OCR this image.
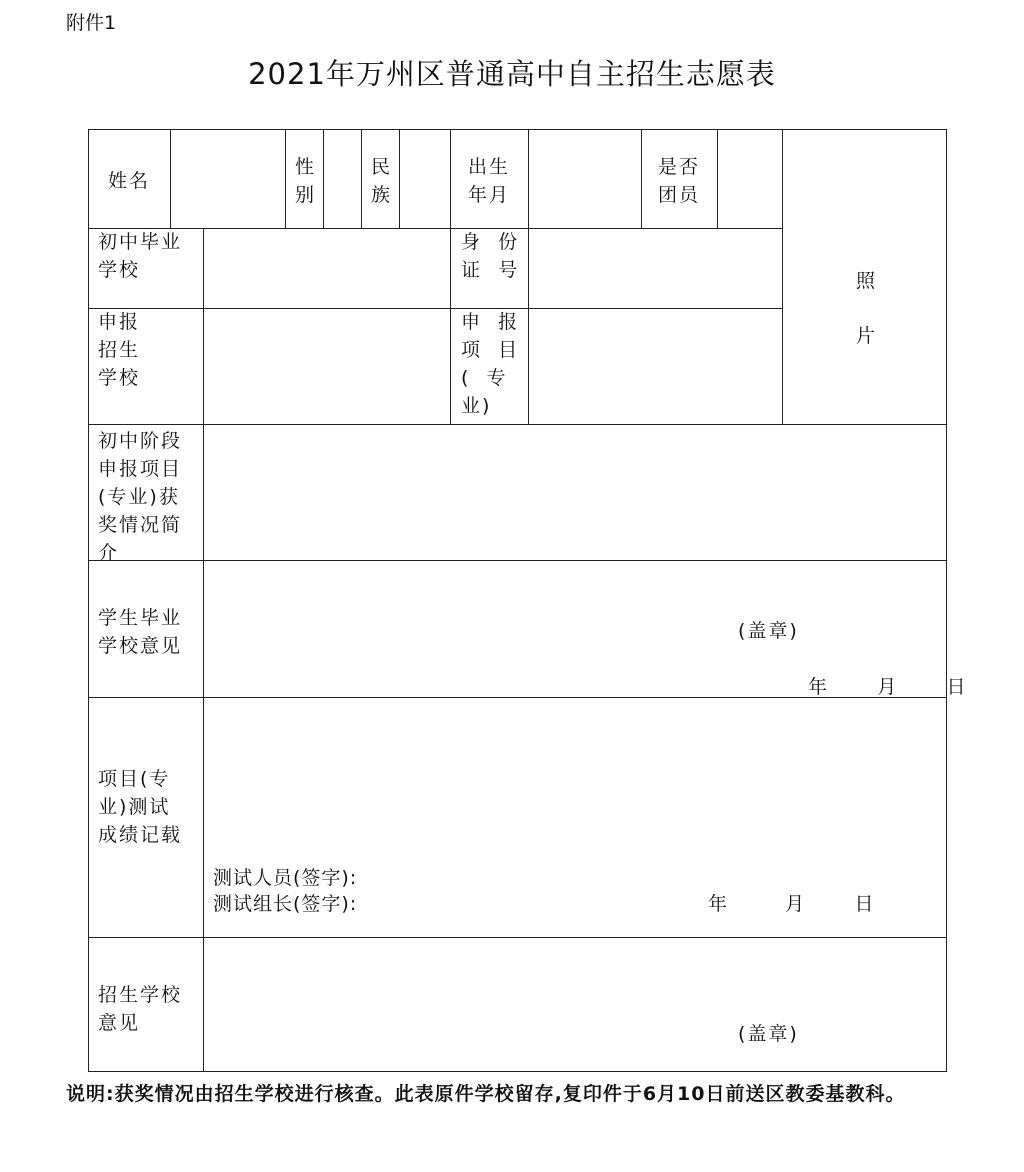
附件1
2021年万州区普通高中自主招生志愿表
姓名
性
别
民
族
出生
年月
是否
团员
照
片
初中毕业
学校
身  份
证  号
申报
招生
学校
申  报
项  目
(  专
业)
初中阶段
申报项目
(专业)获
奖情况简
介
学生毕业
学校意见
(盖章)
年      月      日
项目(专
业)测试
成绩记载
测试人员(签字):
测试组长(签字):	年       月      日
招生学校
意见	(盖章)
说明:获奖情况由招生学校进行核查。此表原件学校留存,复印件于6月10日前送区教委基教科。
